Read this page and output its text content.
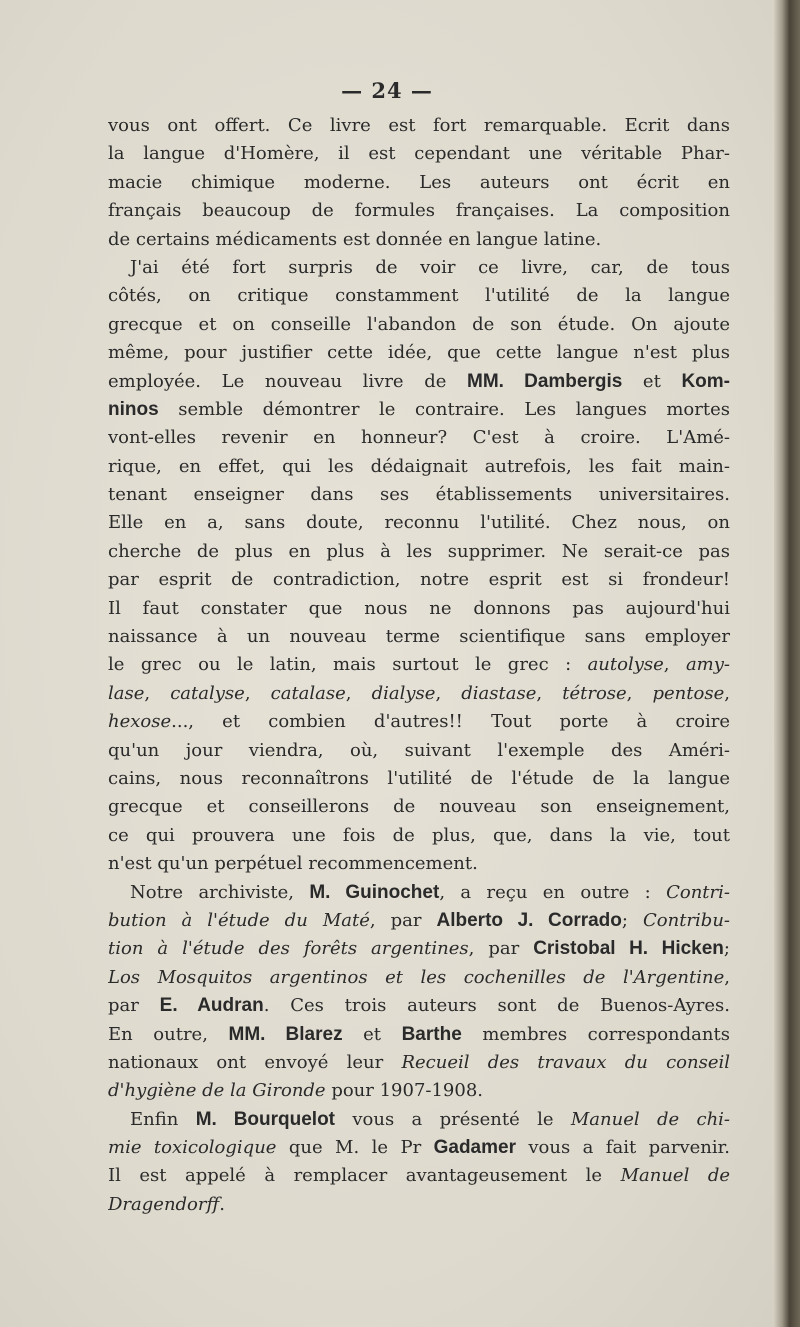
— 24 —
vous ont offert. Ce livre est fort remarquable. Ecrit dans
la langue d'Homère, il est cependant une véritable Phar-
macie chimique moderne. Les auteurs ont écrit en
français beaucoup de formules françaises. La composition
de certains médicaments est donnée en langue latine.
J'ai été fort surpris de voir ce livre, car, de tous
côtés, on critique constamment l'utilité de la langue
grecque et on conseille l'abandon de son étude. On ajoute
même, pour justifier cette idée, que cette langue n'est plus
employée. Le nouveau livre de MM. Dambergis et Kom-
ninos semble démontrer le contraire. Les langues mortes
vont-elles revenir en honneur? C'est à croire. L'Amé-
rique, en effet, qui les dédaignait autrefois, les fait main-
tenant enseigner dans ses établissements universitaires.
Elle en a, sans doute, reconnu l'utilité. Chez nous, on
cherche de plus en plus à les supprimer. Ne serait-ce pas
par esprit de contradiction, notre esprit est si frondeur!
Il faut constater que nous ne donnons pas aujourd'hui
naissance à un nouveau terme scientifique sans employer
le grec ou le latin, mais surtout le grec : autolyse, amy-
lase, catalyse, catalase, dialyse, diastase, tétrose, pentose,
hexose..., et combien d'autres!! Tout porte à croire
qu'un jour viendra, où, suivant l'exemple des Améri-
cains, nous reconnaîtrons l'utilité de l'étude de la langue
grecque et conseillerons de nouveau son enseignement,
ce qui prouvera une fois de plus, que, dans la vie, tout
n'est qu'un perpétuel recommencement.
Notre archiviste, M. Guinochet, a reçu en outre : Contri-
bution à l'étude du Maté, par Alberto J. Corrado; Contribu-
tion à l'étude des forêts argentines, par Cristobal H. Hicken;
Los Mosquitos argentinos et les cochenilles de l'Argentine,
par E. Audran. Ces trois auteurs sont de Buenos-Ayres.
En outre, MM. Blarez et Barthe membres correspondants
nationaux ont envoyé leur Recueil des travaux du conseil
d'hygiène de la Gironde pour 1907-1908.
Enfin M. Bourquelot vous a présenté le Manuel de chi-
mie toxicologique que M. le Pr Gadamer vous a fait parvenir.
Il est appelé à remplacer avantageusement le Manuel de
Dragendorff.
